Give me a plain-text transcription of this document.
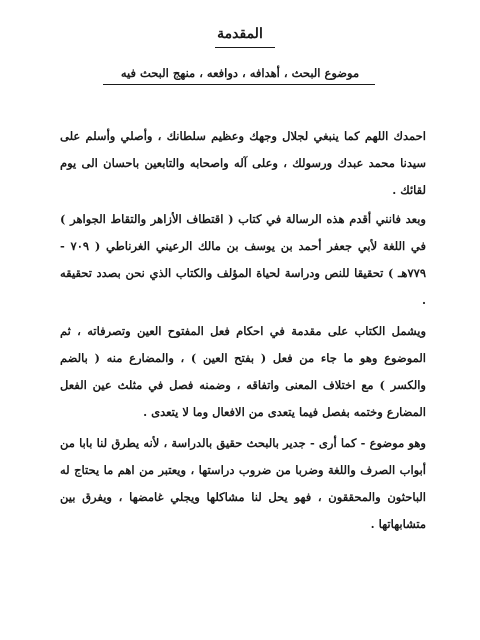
المقدمة
موضوع البحث ، أهدافه ، دوافعه ، منهج البحث فيه
احمدك اللهم كما ينبغي لجلال وجهك وعظيم سلطانك ، وأصلي وأسلم على سيدنا محمد عبدك ورسولك ، وعلى آله واصحابه والتابعين باحسان الى يوم لقائك .
وبعد فانني أقدم هذه الرسالة في كتاب ( اقتطاف الأزاهر والتقاط الجواهر ) في اللغة لأبي جعفر أحمد بن يوسف بن مالك الرعيني الغرناطي ( ٧٠٩ - ٧٧٩هـ ) تحقيقا للنص ودراسة لحياة المؤلف والكتاب الذي نحن بصدد تحقيقه .
ويشمل الكتاب على مقدمة في احكام فعل المفتوح العين وتصرفاته ، ثم الموضوع وهو ما جاء من فعل ( بفتح العين ) ، والمضارع منه ( بالضم والكسر ) مع اختلاف المعنى واتفاقه ، وضمنه فصل في مثلث عين الفعل المضارع وختمه بفصل فيما يتعدى من الافعال وما لا يتعدى .
وهو موضوع - كما أرى - جدير بالبحث حقيق بالدراسة ، لأنه يطرق لنا بابا من أبواب الصرف واللغة وضربا من ضروب دراستها ، ويعتبر من اهم ما يحتاج له الباحثون والمحققون ، فهو يحل لنا مشاكلها ويجلي غامضها ، ويفرق بين متشابهاتها .
